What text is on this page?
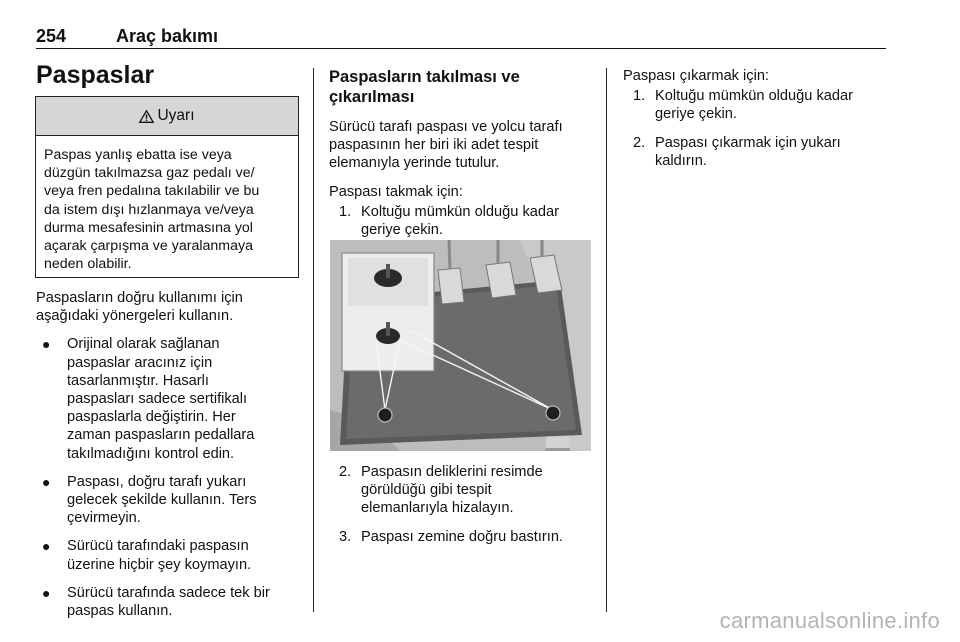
254	Araç bakımı
Paspaslar
Uyarı
Paspas yanlış ebatta ise veya
düzgün takılmazsa gaz pedalı ve/
veya fren pedalına takılabilir ve bu
da istem dışı hızlanmaya ve/veya
durma mesafesinin artmasına yol
açarak çarpışma ve yaralanmaya
neden olabilir.
Paspasların doğru kullanımı için
aşağıdaki yönergeleri kullanın.
● Orijinal olarak sağlanan
paspaslar aracınız için
tasarlanmıştır. Hasarlı
paspasları sadece sertifikalı
paspaslarla değiştirin. Her
zaman paspasların pedallara
takılmadığını kontrol edin.
● Paspası, doğru tarafı yukarı
gelecek şekilde kullanın. Ters
çevirmeyin.
● Sürücü tarafındaki paspasın
üzerine hiçbir şey koymayın.
● Sürücü tarafında sadece tek bir
paspas kullanın.
Paspasların takılması ve
çıkarılması
Sürücü tarafı paspası ve yolcu tarafı
paspasının her biri iki adet tespit
elemanıyla yerinde tutulur.
Paspası takmak için:
1. Koltuğu mümkün olduğu kadar
geriye çekin.
2. Paspasın deliklerini resimde
görüldüğü gibi tespit
elemanlarıyla hizalayın.
3. Paspası zemine doğru bastırın.
Paspası çıkarmak için:
1. Koltuğu mümkün olduğu kadar
geriye çekin.
2. Paspası çıkarmak için yukarı
kaldırın.
carmanualsonline.info
